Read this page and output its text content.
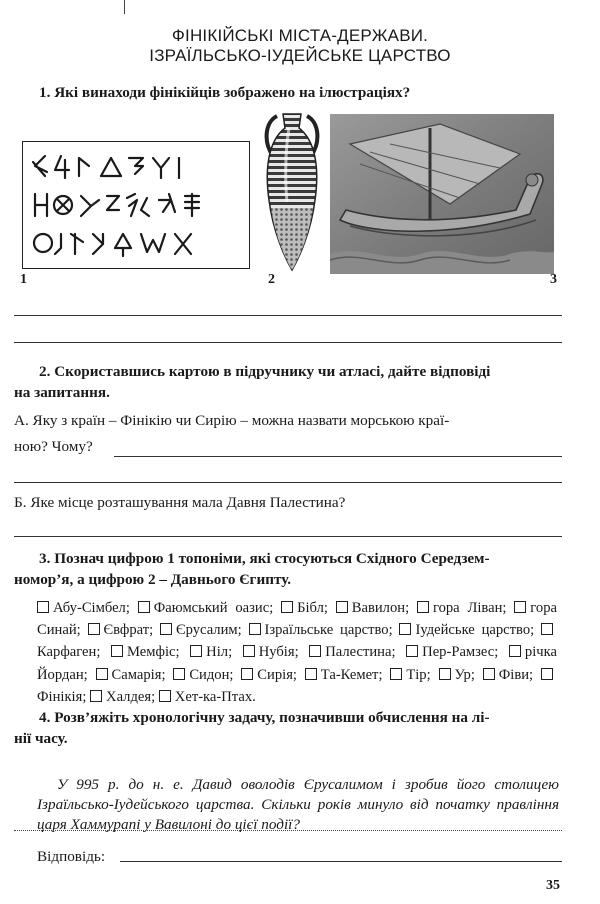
ФІНІКІЙСЬКІ МІСТА-ДЕРЖАВИ.
ІЗРАЇЛЬСЬКО-ІУДЕЙСЬКЕ ЦАРСТВО
1. Які винаходи фінікійців зображено на ілюстраціях?
1	2	3
2. Скориставшись картою в підручнику чи атласі, дайте відповіді
на запитання.
А. Яку з країн – Фінікію чи Сирію – можна назвати морською краї-
ною? Чому?
Б. Яке місце розташування мала Давня Палестина?
3. Познач цифрою 1 топоніми, які стосуються Східного Середзем-
номор’я, а цифрою 2 – Давнього Єгипту.
Абу-Сімбел; Фаюмський оазис; Бібл; Вавилон; гора Ліван; гора Синай; Євфрат; Єрусалим; Ізраїльське царство; Іудейське царство; Карфаген; Мемфіс; Ніл; Нубія; Палестина; Пер-Рамзес; річка Йордан; Самарія; Сидон; Сирія; Та-Кемет; Тір; Ур; Фіви; Фінікія; Халдея; Хет-ка-Птах.
4. Розв’яжіть хронологічну задачу, позначивши обчислення на лі-
нії часу.
У 995 р. до н. е. Давид оволодів Єрусалимом і зробив його столицею Ізраїльсько-Іудейського царства. Скільки років минуло від початку правління царя Хаммурапі у Вавилоні до цієї події?
Відповідь:
35
